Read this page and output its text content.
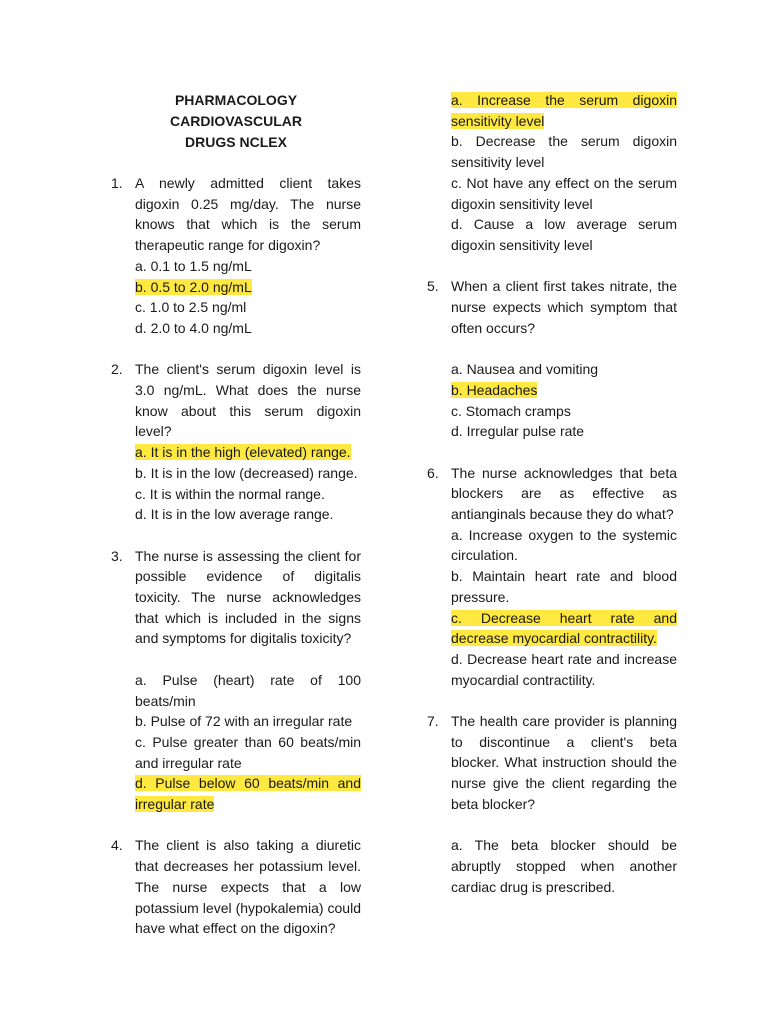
PHARMACOLOGY CARDIOVASCULAR
DRUGS NCLEX
1. A newly admitted client takes digoxin 0.25 mg/day. The nurse knows that which is the serum therapeutic range for digoxin?
a. 0.1 to 1.5 ng/mL
b. 0.5 to 2.0 ng/mL
c. 1.0 to 2.5 ng/ml
d. 2.0 to 4.0 ng/mL
2. The client's serum digoxin level is 3.0 ng/mL. What does the nurse know about this serum digoxin level?
a. It is in the high (elevated) range.
b. It is in the low (decreased) range.
c. It is within the normal range.
d. It is in the low average range.
3. The nurse is assessing the client for possible evidence of digitalis toxicity. The nurse acknowledges that which is included in the signs and symptoms for digitalis toxicity?
a. Pulse (heart) rate of 100 beats/min
b. Pulse of 72 with an irregular rate
c. Pulse greater than 60 beats/min and irregular rate
d. Pulse below 60 beats/min and irregular rate
4. The client is also taking a diuretic that decreases her potassium level. The nurse expects that a low potassium level (hypokalemia) could have what effect on the digoxin?
a. Increase the serum digoxin sensitivity level
b. Decrease the serum digoxin sensitivity level
c. Not have any effect on the serum digoxin sensitivity level
d. Cause a low average serum digoxin sensitivity level
5. When a client first takes nitrate, the nurse expects which symptom that often occurs?
a. Nausea and vomiting
b. Headaches
c. Stomach cramps
d. Irregular pulse rate
6. The nurse acknowledges that beta blockers are as effective as antianginals because they do what?
a. Increase oxygen to the systemic circulation.
b. Maintain heart rate and blood pressure.
c. Decrease heart rate and decrease myocardial contractility.
d. Decrease heart rate and increase myocardial contractility.
7. The health care provider is planning to discontinue a client's beta blocker. What instruction should the nurse give the client regarding the beta blocker?
a. The beta blocker should be abruptly stopped when another cardiac drug is prescribed.
